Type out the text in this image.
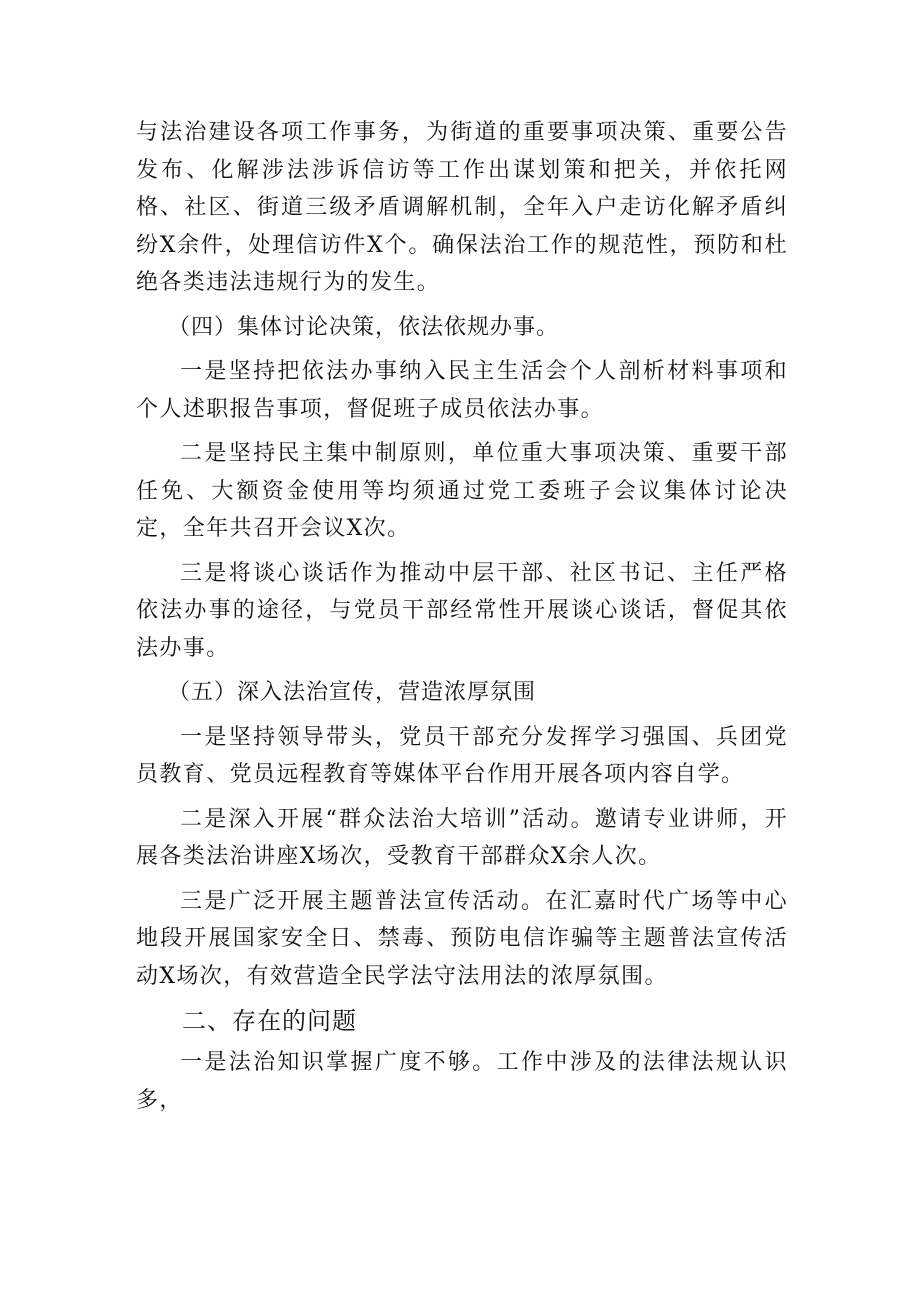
与法治建设各项工作事务，为街道的重要事项决策、重要公告发布、化解涉法涉诉信访等工作出谋划策和把关，并依托网格、社区、街道三级矛盾调解机制，全年入户走访化解矛盾纠纷X余件，处理信访件X个。确保法治工作的规范性，预防和杜绝各类违法违规行为的发生。

（四）集体讨论决策，依法依规办事。

一是坚持把依法办事纳入民主生活会个人剖析材料事项和个人述职报告事项，督促班子成员依法办事。

二是坚持民主集中制原则，单位重大事项决策、重要干部任免、大额资金使用等均须通过党工委班子会议集体讨论决定，全年共召开会议X次。

三是将谈心谈话作为推动中层干部、社区书记、主任严格依法办事的途径，与党员干部经常性开展谈心谈话，督促其依法办事。

（五）深入法治宣传，营造浓厚氛围

一是坚持领导带头，党员干部充分发挥学习强国、兵团党员教育、党员远程教育等媒体平台作用开展各项内容自学。

二是深入开展“群众法治大培训”活动。邀请专业讲师，开展各类法治讲座X场次，受教育干部群众X余人次。

三是广泛开展主题普法宣传活动。在汇嘉时代广场等中心地段开展国家安全日、禁毒、预防电信诈骗等主题普法宣传活动X场次，有效营造全民学法守法用法的浓厚氛围。

二、存在的问题

一是法治知识掌握广度不够。工作中涉及的法律法规认识多，
